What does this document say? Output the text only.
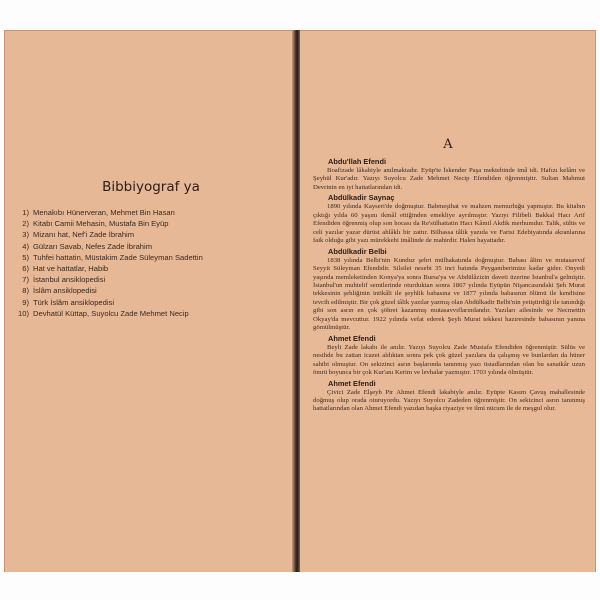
Bibbiyograf ya
1) Menakıbı Hünerveran, Mehmet Bin Hasan
2) Kitabı Camii Mehasin, Mustafa Bin Eyüp
3) Mizanı hat, Nef'i Zade İbrahim
4) Gülzarı Savab, Nefes Zade İbrahim
5) Tuhfei hattatin, Müstakim Zade Süleyman Sadettin
6) Hat ve hattatlar, Habib
7) İstanbul ansiklopedisi
8) İslâm ansiklopedisi
9) Türk İslâm ansiklopedisi
10) Devhatül Küttap, Suyolcu Zade Mehmet Necip
A
Abdu'llah Efendi

Boafizade lâkabiyle anılmaktadır. Eyüp'te İskender Paşa mektebinde imâ idi. Hafızı kelâm ve Şeyhül Kur'adır. Yazıyı Suyolcu Zade Mehmet Necip Efendiden öğrenmiştir. Sultan Mahmut Devrinin en iyi hattatlarından idi.

Abdülkadir Saynaç

1890 yılında Kayseri'de doğmuştur. Babmeşihat ve mahzen memurluğu yapmıştır. Bu kitabın çıktığı yılda 60 yaşını ikmâl ettiğinden emekliye ayrılmıştır. Yazıyı Filibeli Bakkal Hacı Arif Efendiden öğrenmiş olup son hocası da Re'sülhattatin Hacı Kâmil Akdik merhumdur. Talik, sülüs ve celi yazılar yazar dürüst ahlâklı bir zattır. Bilhassa tâlik yazıda ve Farisi Edebiyatında akranlarına faik olduğu gibi yazı mürekkebi imâlinde de mahirdir. Halen hayattadır.

Abdülkadir Belbi

1838 yılında Belbi'nin Kunduz şehri mülhakatında doğmuştur. Babası âlim ve mutasavvıf Seyyit Süleyman Efendidir. Silsilei nesebi 35 inci batında Peygamberimize kadar gider. Onyedi yaşında memleketinden Konya'ya sonra Bursa'ya ve Abdülâzizin daveti üzerine İstanbul'a gelmiştir. İstanbul'un muhtelif semtlerinde oturduktan sonra 1867 yılında Eyüpün Nişancasındaki Şeh Murat tekkesinin şehliğinin intikâli ile şeyhlik babasına ve 1877 yılında babasının ölümü ile kendisine tevcih edilmiştir. Bir çok güzel tâlik yazılar yazmış olan Abdülkadir Belbi'nin yetiştirdiği ile tanındığı gibi son asrın en çok şöhret kazanmış mutasavvıflarındandır. Yazıları ailesinde ve Necmettin Okyay'da mevcuttur. 1922 yılında vefat ederek Şeyh Murat tekkesi hazıresinde babasının yanına gömülmüştür.

Ahmet Efendi

Beyli Zade lakabı ile anılır. Yazıyı Suyolcu Zade Mustafa Efendiden öğrenmiştir. Sülüs ve nesihde bu zattan icazet aldıktan sonra pek çok güzel yazılara da çalışmış ve bunlardan da hüner sahibi olmuştur. On sekizinci asrın başlarında tanınmış yazı üstadlarından olan bu sanatkâr uzun ömrü boyunca bir çok Kur'anı Kerim ve levhalar yazmıştır. 1703 yılında ölmüştür.

Ahmet Efendi

Çivici Zade Elşeyh Pir Ahmet Efendi lakabiyle anılır. Eyüpte Kasım Çavuş mahallesinde doğmuş olup orada oturuyordu. Yazıyı Suyolcu Zadeden öğrenmiştir. On sekizinci asrın tanınmış hattatlarından olan Ahmet Efendi yazıdan başka riyaziye ve ilmi nücum ile de meşgul olur.
